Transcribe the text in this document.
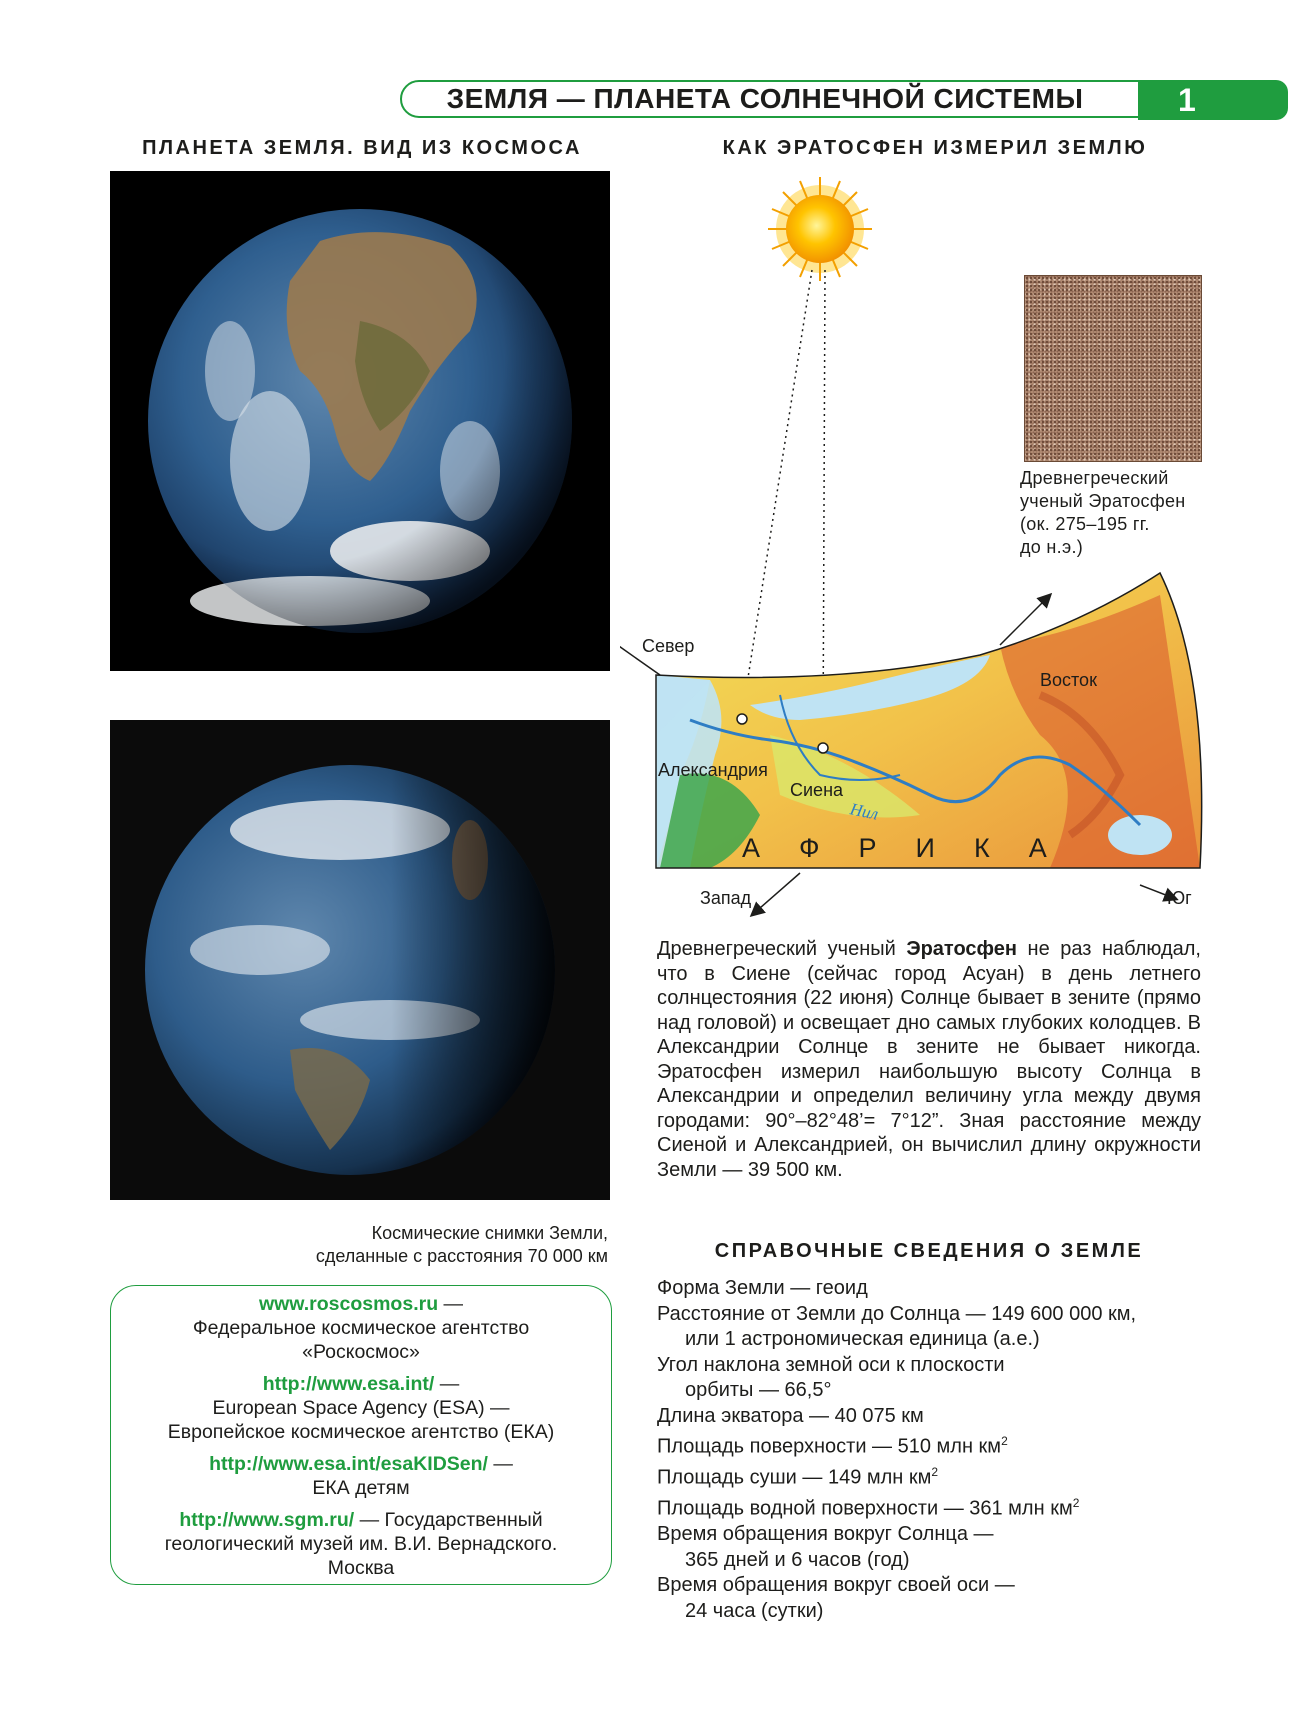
ЗЕМЛЯ — ПЛАНЕТА СОЛНЕЧНОЙ СИСТЕМЫ	1
ПЛАНЕТА ЗЕМЛЯ. ВИД ИЗ КОСМОСА
Космические снимки Земли,
сделанные с расстояния 70 000 км
www.roscosmos.ru —
Федеральное космическое агентство
«Роскосмос»
http://www.esa.int/ —
European Space Agency (ESA) —
Европейское космическое агентство (ЕКА)
http://www.esa.int/esaKIDSen/ —
ЕКА детям
http://www.sgm.ru/ — Государственный
геологический музей им. В.И. Вернадского.
Москва
КАК ЭРАТОСФЕН ИЗМЕРИЛ ЗЕМЛЮ
Север
Восток
Запад	Юг
Александрия
Сиена
Нил
А  Ф  Р  И  К  А
Древнегреческий
ученый Эратосфен
(ок. 275–195 гг.
до н.э.)
Древнегреческий ученый Эратосфен не раз наблюдал, что в Сиене (сейчас город Асуан) в день летнего солнцестояния (22 июня) Солнце бывает в зените (прямо над головой) и освещает дно самых глубоких колодцев. В Александрии Солнце в зените не бывает никогда. Эратосфен измерил наибольшую высоту Солнца в Александрии и определил величину угла между двумя городами: 90°–82°48’= 7°12”. Зная расстояние между Сиеной и Александрией, он вычислил длину окружности Земли — 39 500 км.
СПРАВОЧНЫЕ СВЕДЕНИЯ О ЗЕМЛЕ
Форма Земли — геоид
Расстояние от Земли до Солнца — 149 600 000 км,
или 1 астрономическая единица (а.е.)
Угол наклона земной оси к плоскости
орбиты — 66,5°
Длина экватора — 40 075 км
Площадь поверхности — 510 млн $км^2$
Площадь суши — 149 млн $км^2$
Площадь водной поверхности — 361 млн $км^2$
Время обращения вокруг Солнца —
365 дней и 6 часов (год)
Время обращения вокруг своей оси —
24 часа (сутки)
